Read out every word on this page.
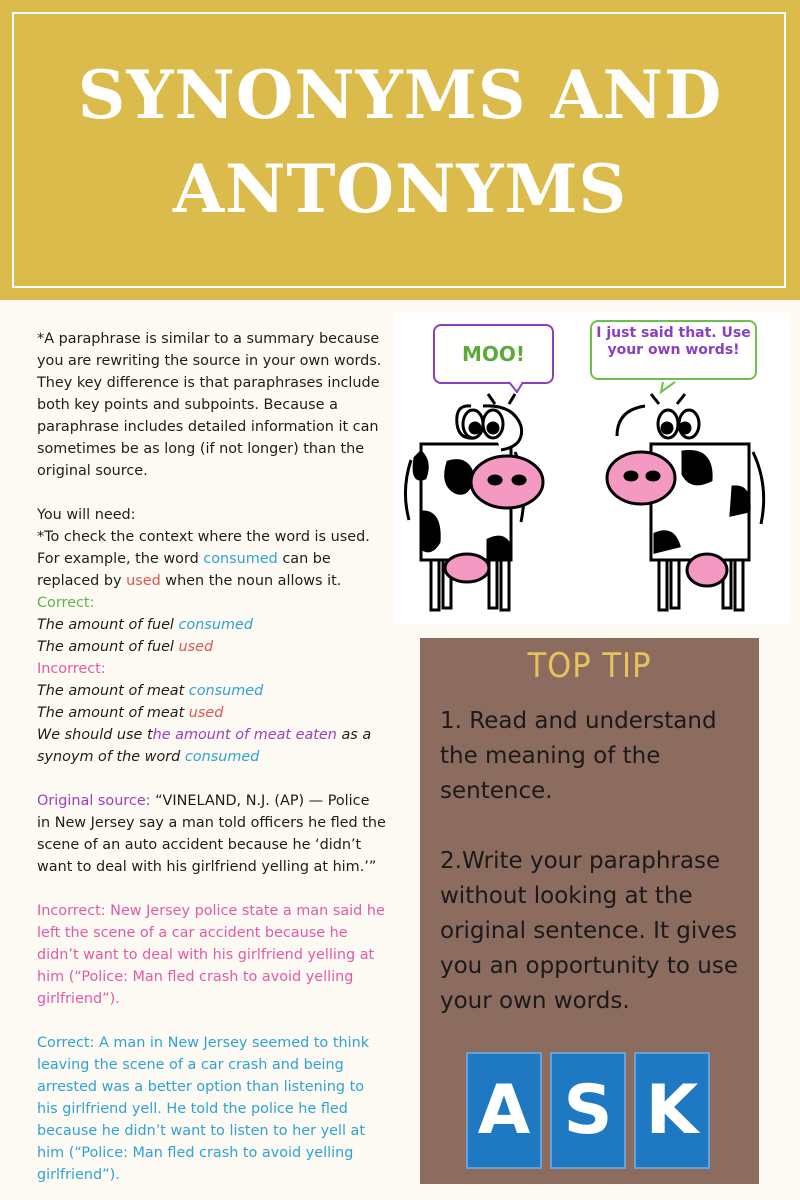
SYNONYMS AND ANTONYMS

*A paraphrase is similar to a summary because you are rewriting the source in your own words. They key difference is that paraphrases include both key points and subpoints. Because a paraphrase includes detailed information it can sometimes be as long (if not longer) than the original source.

You will need:

*To check the context where the word is used. For example, the word consumed can be replaced by used when the noun allows it.

Correct:

The amount of fuel consumed

The amount of fuel used

Incorrect:

The amount of meat consumed

The amount of meat used

We should use the amount of meat eaten as a synoym of the word consumed

Original source: “VINELAND, N.J. (AP) — Police in New Jersey say a man told officers he fled the scene of an auto accident because he ‘didn’t want to deal with his girlfriend yelling at him.’”

Incorrect: New Jersey police state a man said he left the scene of a car accident because he didn’t want to deal with his girlfriend yelling at him (“Police: Man fled crash to avoid yelling girlfriend”).

Correct: A man in New Jersey seemed to think leaving the scene of a car crash and being arrested was a better option than listening to his girlfriend yell. He told the police he fled because he didn’t want to listen to her yell at him (“Police: Man fled crash to avoid yelling girlfriend”).

MOO!
I just said that. Use your own words!
TOP TIP

1. Read and understand the meaning of the sentence.

2.Write your paraphrase without looking at the original sentence. It gives you an opportunity to use your own words.

A S K
